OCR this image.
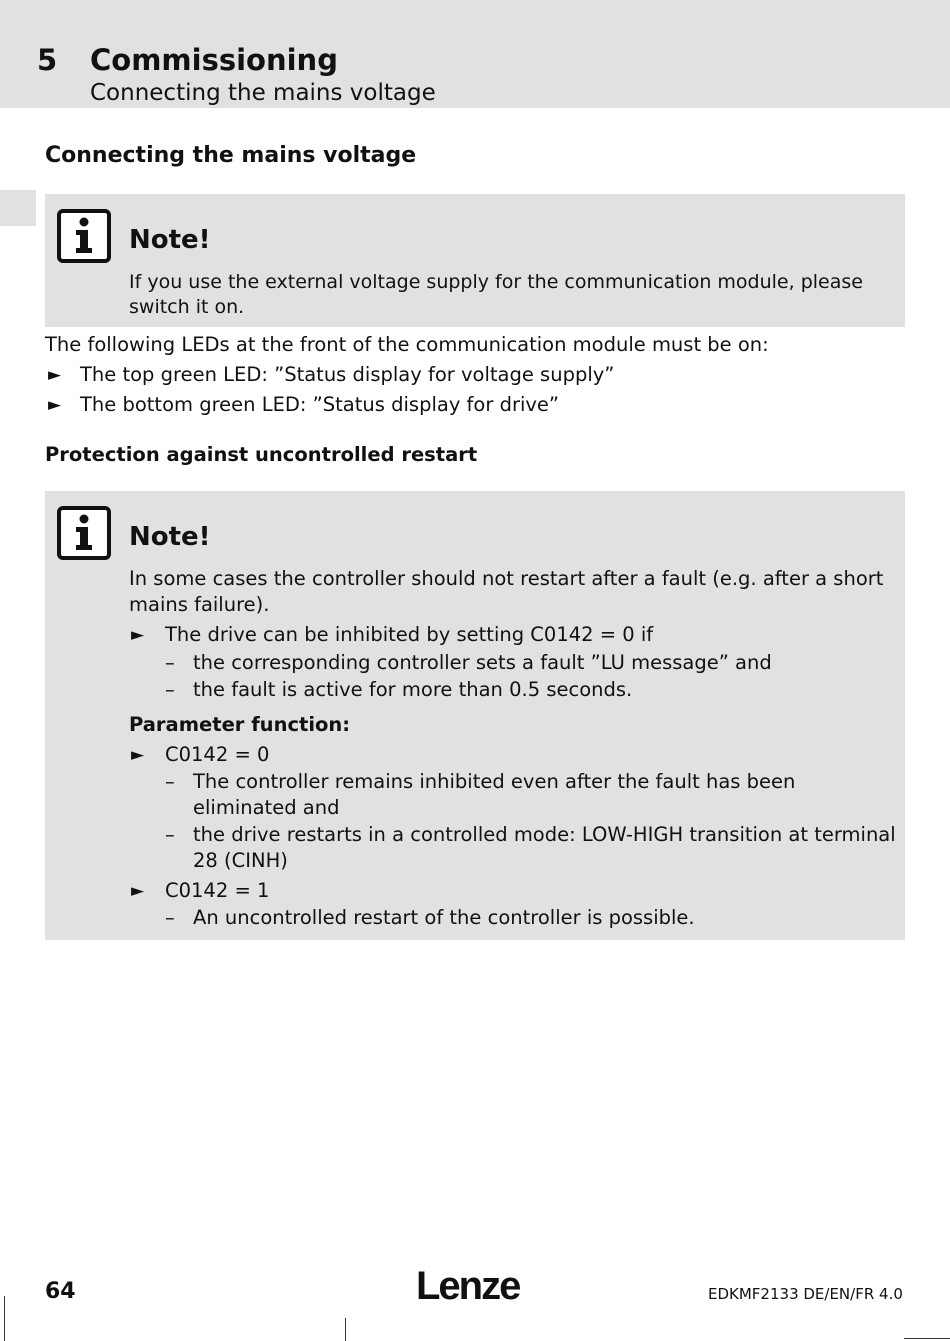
5 Commissioning
Connecting the mains voltage
Connecting the mains voltage
Note!
If you use the external voltage supply for the communication module, please switch it on.
The following LEDs at the front of the communication module must be on:
► The top green LED: ”Status display for voltage supply”
► The bottom green LED: ”Status display for drive”
Protection against uncontrolled restart
Note!
In some cases the controller should not restart after a fault (e.g. after a short
mains failure).
► The drive can be inhibited by setting C0142 = 0 if
– the corresponding controller sets a fault ”LU message” and
– the fault is active for more than 0.5 seconds.
Parameter function:
► C0142 = 0
– The controller remains inhibited even after the fault has been
eliminated and
– the drive restarts in a controlled mode: LOW-HIGH transition at terminal
28 (CINH)
► C0142 = 1
– An uncontrolled restart of the controller is possible.
64	Lenze	EDKMF2133 DE/EN/FR 4.0
